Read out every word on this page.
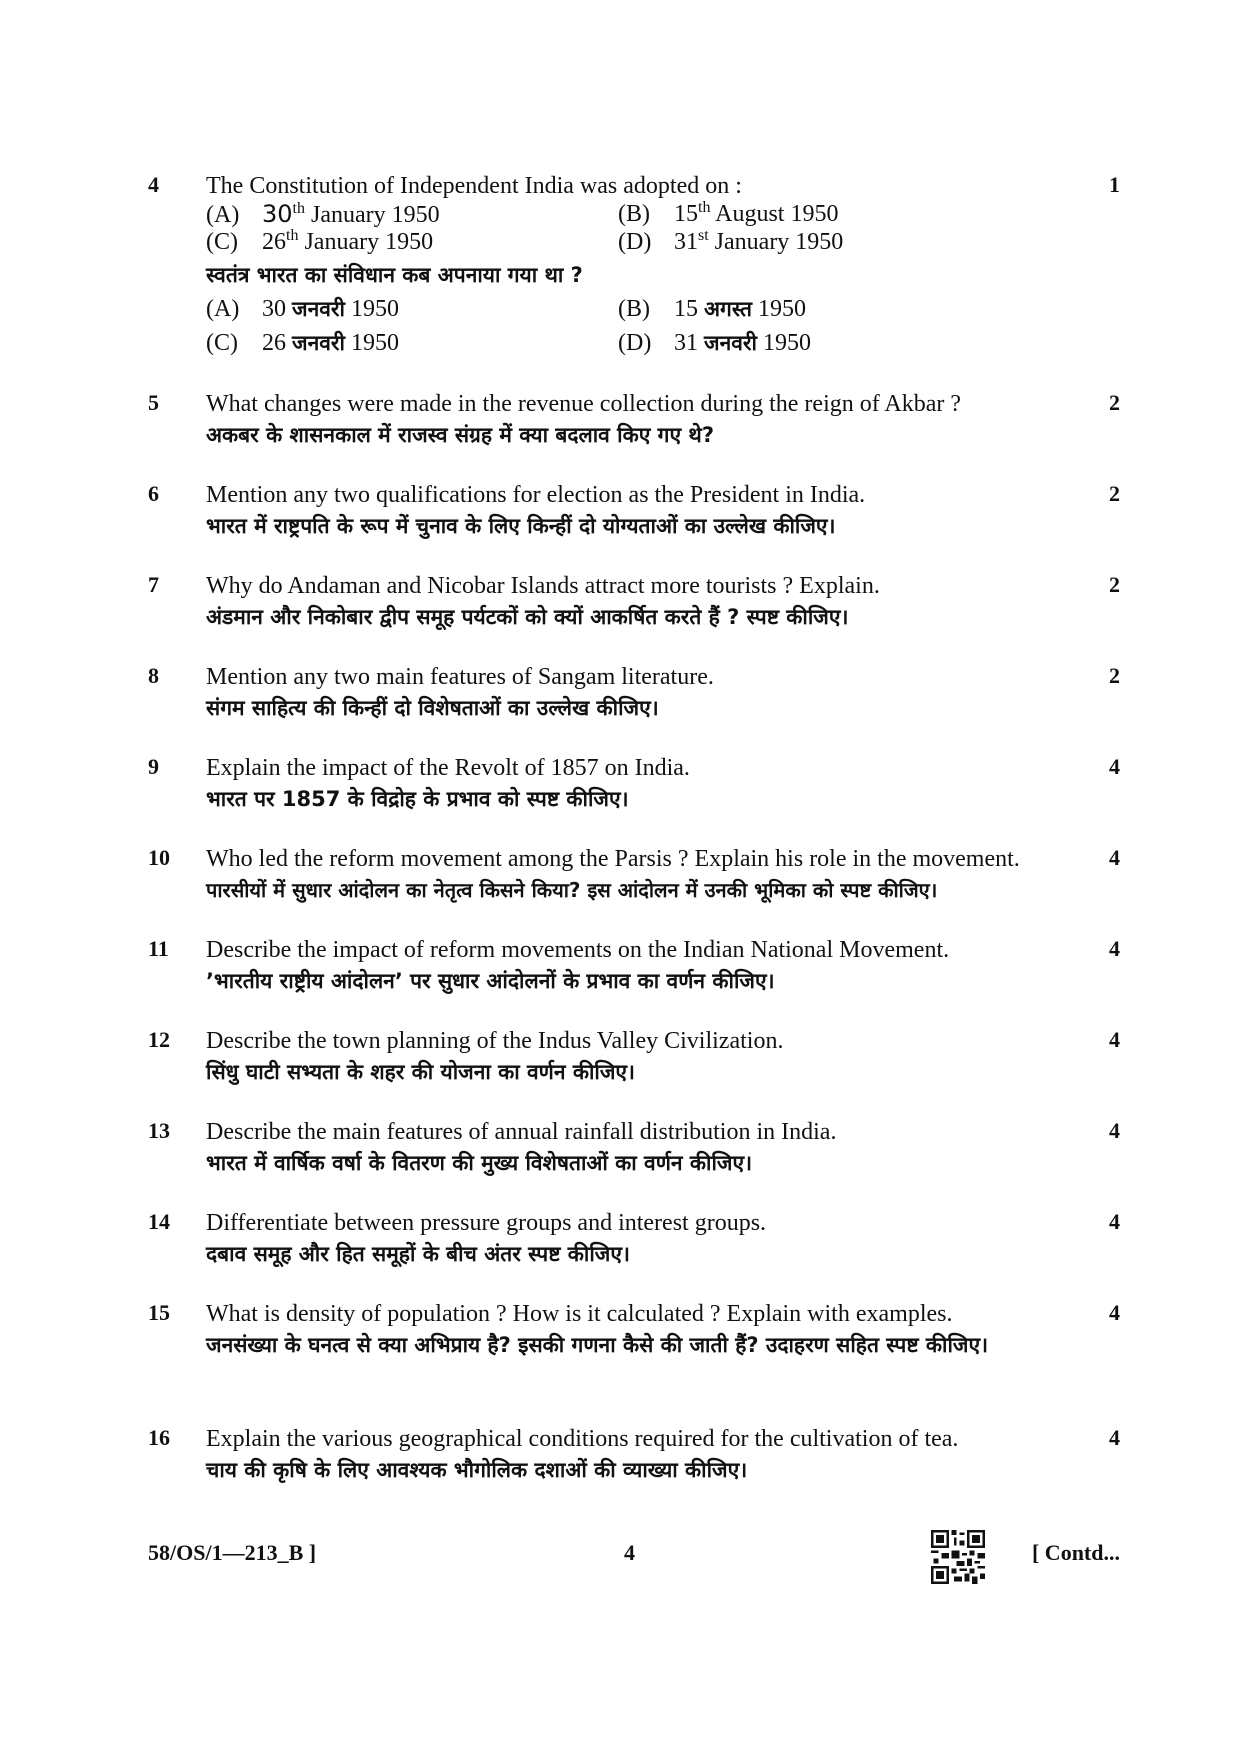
4	1

The Constitution of Independent India was adopted on :

(A) 30th January 1950	(B) 15th August 1950
(C) 26th January 1950	(D) 31st January 1950

स्वतंत्र भारत का संविधान कब अपनाया गया था ?

(A) 30 जनवरी 1950	(B) 15 अगस्त 1950
(C) 26 जनवरी 1950	(D) 31 जनवरी 1950
5	2

What changes were made in the revenue collection during the reign of Akbar ?

अकबर के शासनकाल में राजस्व संग्रह में क्या बदलाव किए गए थे?

6	2

Mention any two qualifications for election as the President in India.

भारत में राष्ट्रपति के रूप में चुनाव के लिए किन्हीं दो योग्यताओं का उल्लेख कीजिए।

7	2

Why do Andaman and Nicobar Islands attract more tourists ? Explain.

अंडमान और निकोबार द्वीप समूह पर्यटकों को क्यों आकर्षित करते हैं ? स्पष्ट कीजिए।

8	2

Mention any two main features of Sangam literature.

संगम साहित्य की किन्हीं दो विशेषताओं का उल्लेख कीजिए।

9	4

Explain the impact of the Revolt of 1857 on India.

भारत पर 1857 के विद्रोह के प्रभाव को स्पष्ट कीजिए।

10	4

Who led the reform movement among the Parsis ? Explain his role in the movement.

पारसीयों में सुधार आंदोलन का नेतृत्व किसने किया? इस आंदोलन में उनकी भूमिका को स्पष्ट कीजिए।

11	4

Describe the impact of reform movements on the Indian National Movement.

’भारतीय राष्ट्रीय आंदोलन’ पर सुधार आंदोलनों के प्रभाव का वर्णन कीजिए।

12	4

Describe the town planning of the Indus Valley Civilization.

सिंधु घाटी सभ्यता के शहर की योजना का वर्णन कीजिए।

13	4

Describe the main features of annual rainfall distribution in India.

भारत में वार्षिक वर्षा के वितरण की मुख्य विशेषताओं का वर्णन कीजिए।

14	4

Differentiate between pressure groups and interest groups.

दबाव समूह और हित समूहों के बीच अंतर स्पष्ट कीजिए।

15	4

What is density of population ? How is it calculated ? Explain with examples.

जनसंख्या के घनत्व से क्या अभिप्राय है? इसकी गणना कैसे की जाती हैं? उदाहरण सहित स्पष्ट कीजिए।

16	4

Explain the various geographical conditions required for the cultivation of tea.

चाय की कृषि के लिए आवश्यक भौगोलिक दशाओं की व्याख्या कीजिए।

58/OS/1—213_B ]	4	[ Contd...
